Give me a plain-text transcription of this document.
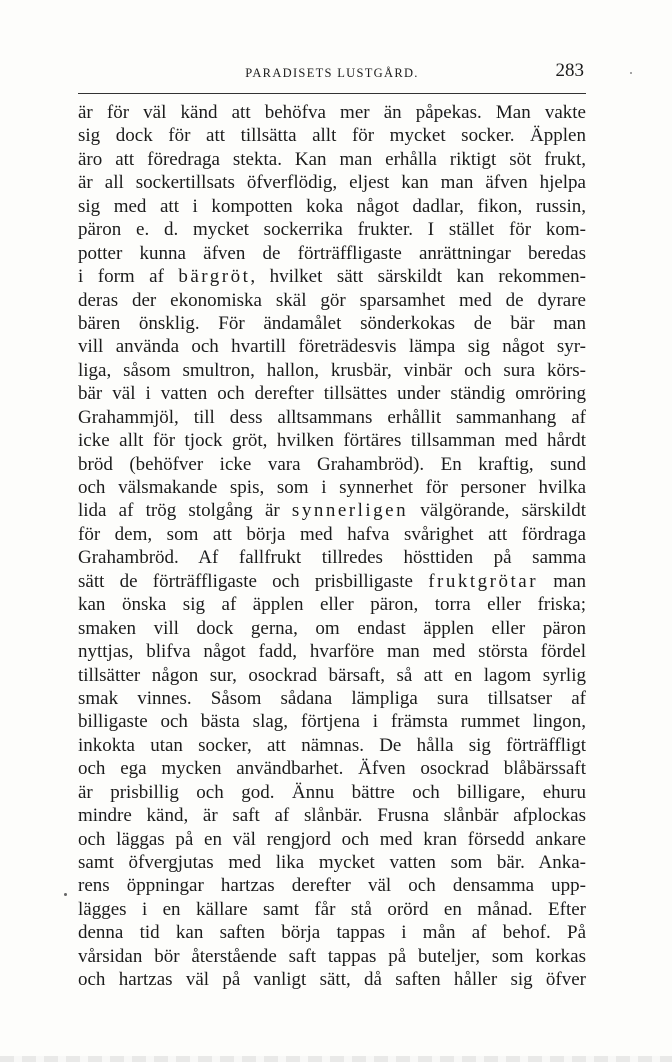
PARADISETS LUSTGÅRD.	283
är för väl känd att behöfva mer än påpekas. Man vakte
sig dock för att tillsätta allt för mycket socker. Äpplen
äro att föredraga stekta. Kan man erhålla riktigt söt frukt,
är all sockertillsats öfverflödig, eljest kan man äfven hjelpa
sig med att i kompotten koka något dadlar, fikon, russin,
päron e. d. mycket sockerrika frukter. I stället för kom-
potter kunna äfven de förträffligaste anrättningar beredas
i form af bärgröt, hvilket sätt särskildt kan rekommen-
deras der ekonomiska skäl gör sparsamhet med de dyrare
bären önsklig. För ändamålet sönderkokas de bär man
vill använda och hvartill företrädesvis lämpa sig något syr-
liga, såsom smultron, hallon, krusbär, vinbär och sura körs-
bär väl i vatten och derefter tillsättes under ständig omröring
Grahammjöl, till dess alltsammans erhållit sammanhang af
icke allt för tjock gröt, hvilken förtäres tillsamman med hårdt
bröd (behöfver icke vara Grahambröd). En kraftig, sund
och välsmakande spis, som i synnerhet för personer hvilka
lida af trög stolgång är synnerligen välgörande, särskildt
för dem, som att börja med hafva svårighet att fördraga
Grahambröd. Af fallfrukt tillredes hösttiden på samma
sätt de förträffligaste och prisbilligaste fruktgrötar man
kan önska sig af äpplen eller päron, torra eller friska;
smaken vill dock gerna, om endast äpplen eller päron
nyttjas, blifva något fadd, hvarföre man med största fördel
tillsätter någon sur, osockrad bärsaft, så att en lagom syrlig
smak vinnes. Såsom sådana lämpliga sura tillsatser af
billigaste och bästa slag, förtjena i främsta rummet lingon,
inkokta utan socker, att nämnas. De hålla sig förträffligt
och ega mycken användbarhet. Äfven osockrad blåbärssaft
är prisbillig och god. Ännu bättre och billigare, ehuru
mindre känd, är saft af slånbär. Frusna slånbär afplockas
och läggas på en väl rengjord och med kran försedd ankare
samt öfvergjutas med lika mycket vatten som bär. Anka-
rens öppningar hartzas derefter väl och densamma upp-
lägges i en källare samt får stå orörd en månad. Efter
denna tid kan saften börja tappas i mån af behof. På
vårsidan bör återstående saft tappas på buteljer, som korkas
och hartzas väl på vanligt sätt, då saften håller sig öfver
